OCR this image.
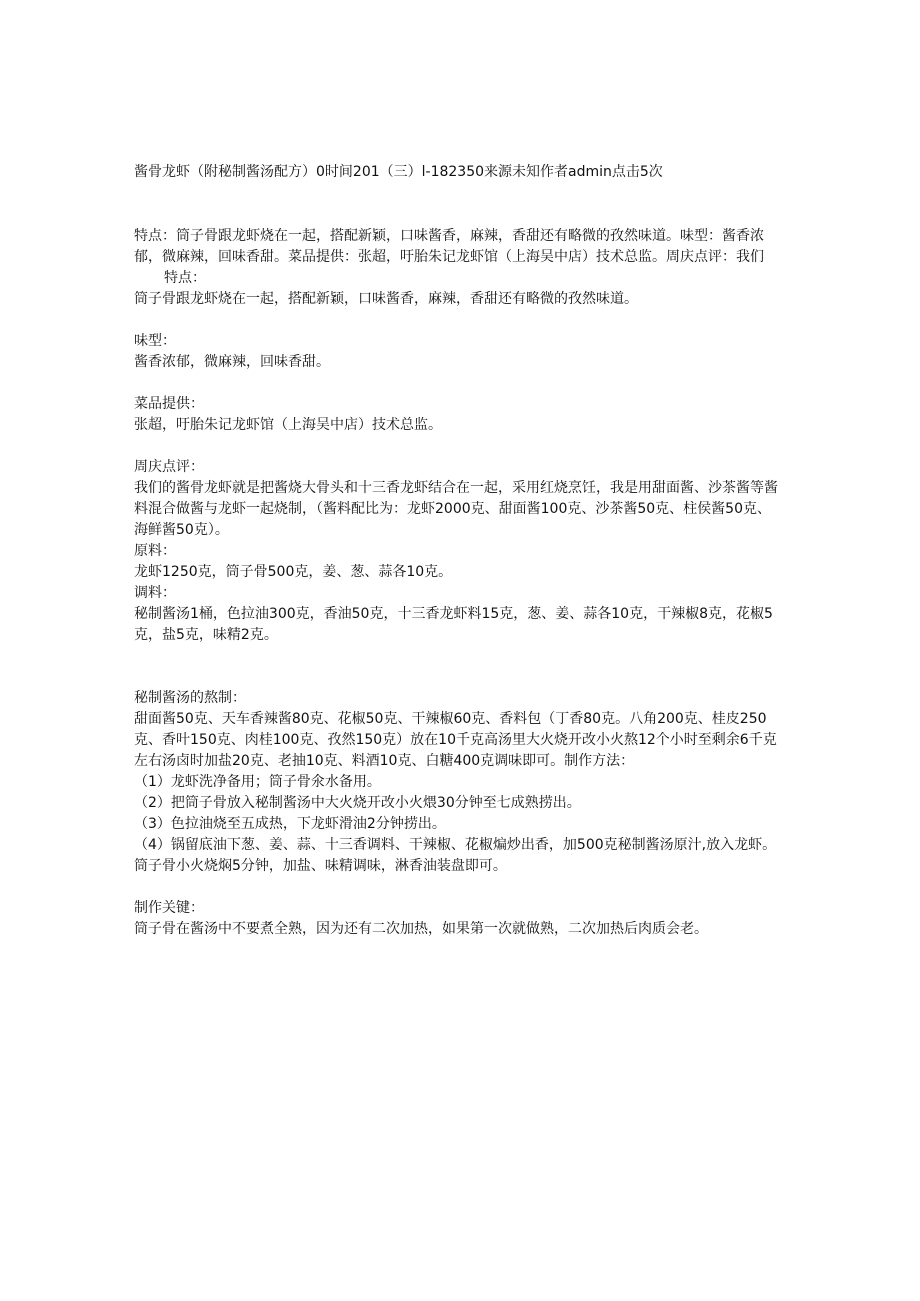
酱骨龙虾（附秘制酱汤配方）0时间201（三）l-182350来源未知作者admin点击5次

特点：筒子骨跟龙虾烧在一起，搭配新颖，口味酱香，麻辣，香甜还有略微的孜然味道。味型：酱香浓郁，微麻辣，回味香甜。菜品提供：张超，吁胎朱记龙虾馆（上海吴中店）技术总监。周庆点评：我们

特点：

筒子骨跟龙虾烧在一起，搭配新颖，口味酱香，麻辣，香甜还有略微的孜然味道。

味型：

酱香浓郁，微麻辣，回味香甜。

菜品提供：

张超，吁胎朱记龙虾馆（上海吴中店）技术总监。

周庆点评：

我们的酱骨龙虾就是把酱烧大骨头和十三香龙虾结合在一起，采用红烧烹饪，我是用甜面酱、沙茶酱等酱料混合做酱与龙虾一起烧制，（酱料配比为：龙虾2000克、甜面酱100克、沙茶酱50克、柱侯酱50克、海鲜酱50克）。

原料：

龙虾1250克，筒子骨500克，姜、葱、蒜各10克。

调料：

秘制酱汤1桶，色拉油300克，香油50克，十三香龙虾料15克，葱、姜、蒜各10克，干辣椒8克，花椒5克，盐5克，味精2克。

秘制酱汤的熬制：

甜面酱50克、天车香辣酱80克、花椒50克、干辣椒60克、香料包（丁香80克。八角200克、桂皮250克、香叶150克、肉桂100克、孜然150克）放在10千克高汤里大火烧开改小火熬12个小时至剩余6千克左右汤卤时加盐20克、老抽10克、料酒10克、白糖400克调味即可。制作方法：

（1）龙虾洗净备用；筒子骨氽水备用。

（2）把筒子骨放入秘制酱汤中大火烧开改小火煨30分钟至七成熟捞出。

（3）色拉油烧至五成热，下龙虾滑油2分钟捞出。

（4）锅留底油下葱、姜、蒜、十三香调料、干辣椒、花椒煸炒出香，加500克秘制酱汤原汁,放入龙虾。筒子骨小火烧焖5分钟，加盐、味精调味，淋香油装盘即可。

制作关键：

筒子骨在酱汤中不要煮全熟，因为还有二次加热，如果第一次就做熟，二次加热后肉质会老。
